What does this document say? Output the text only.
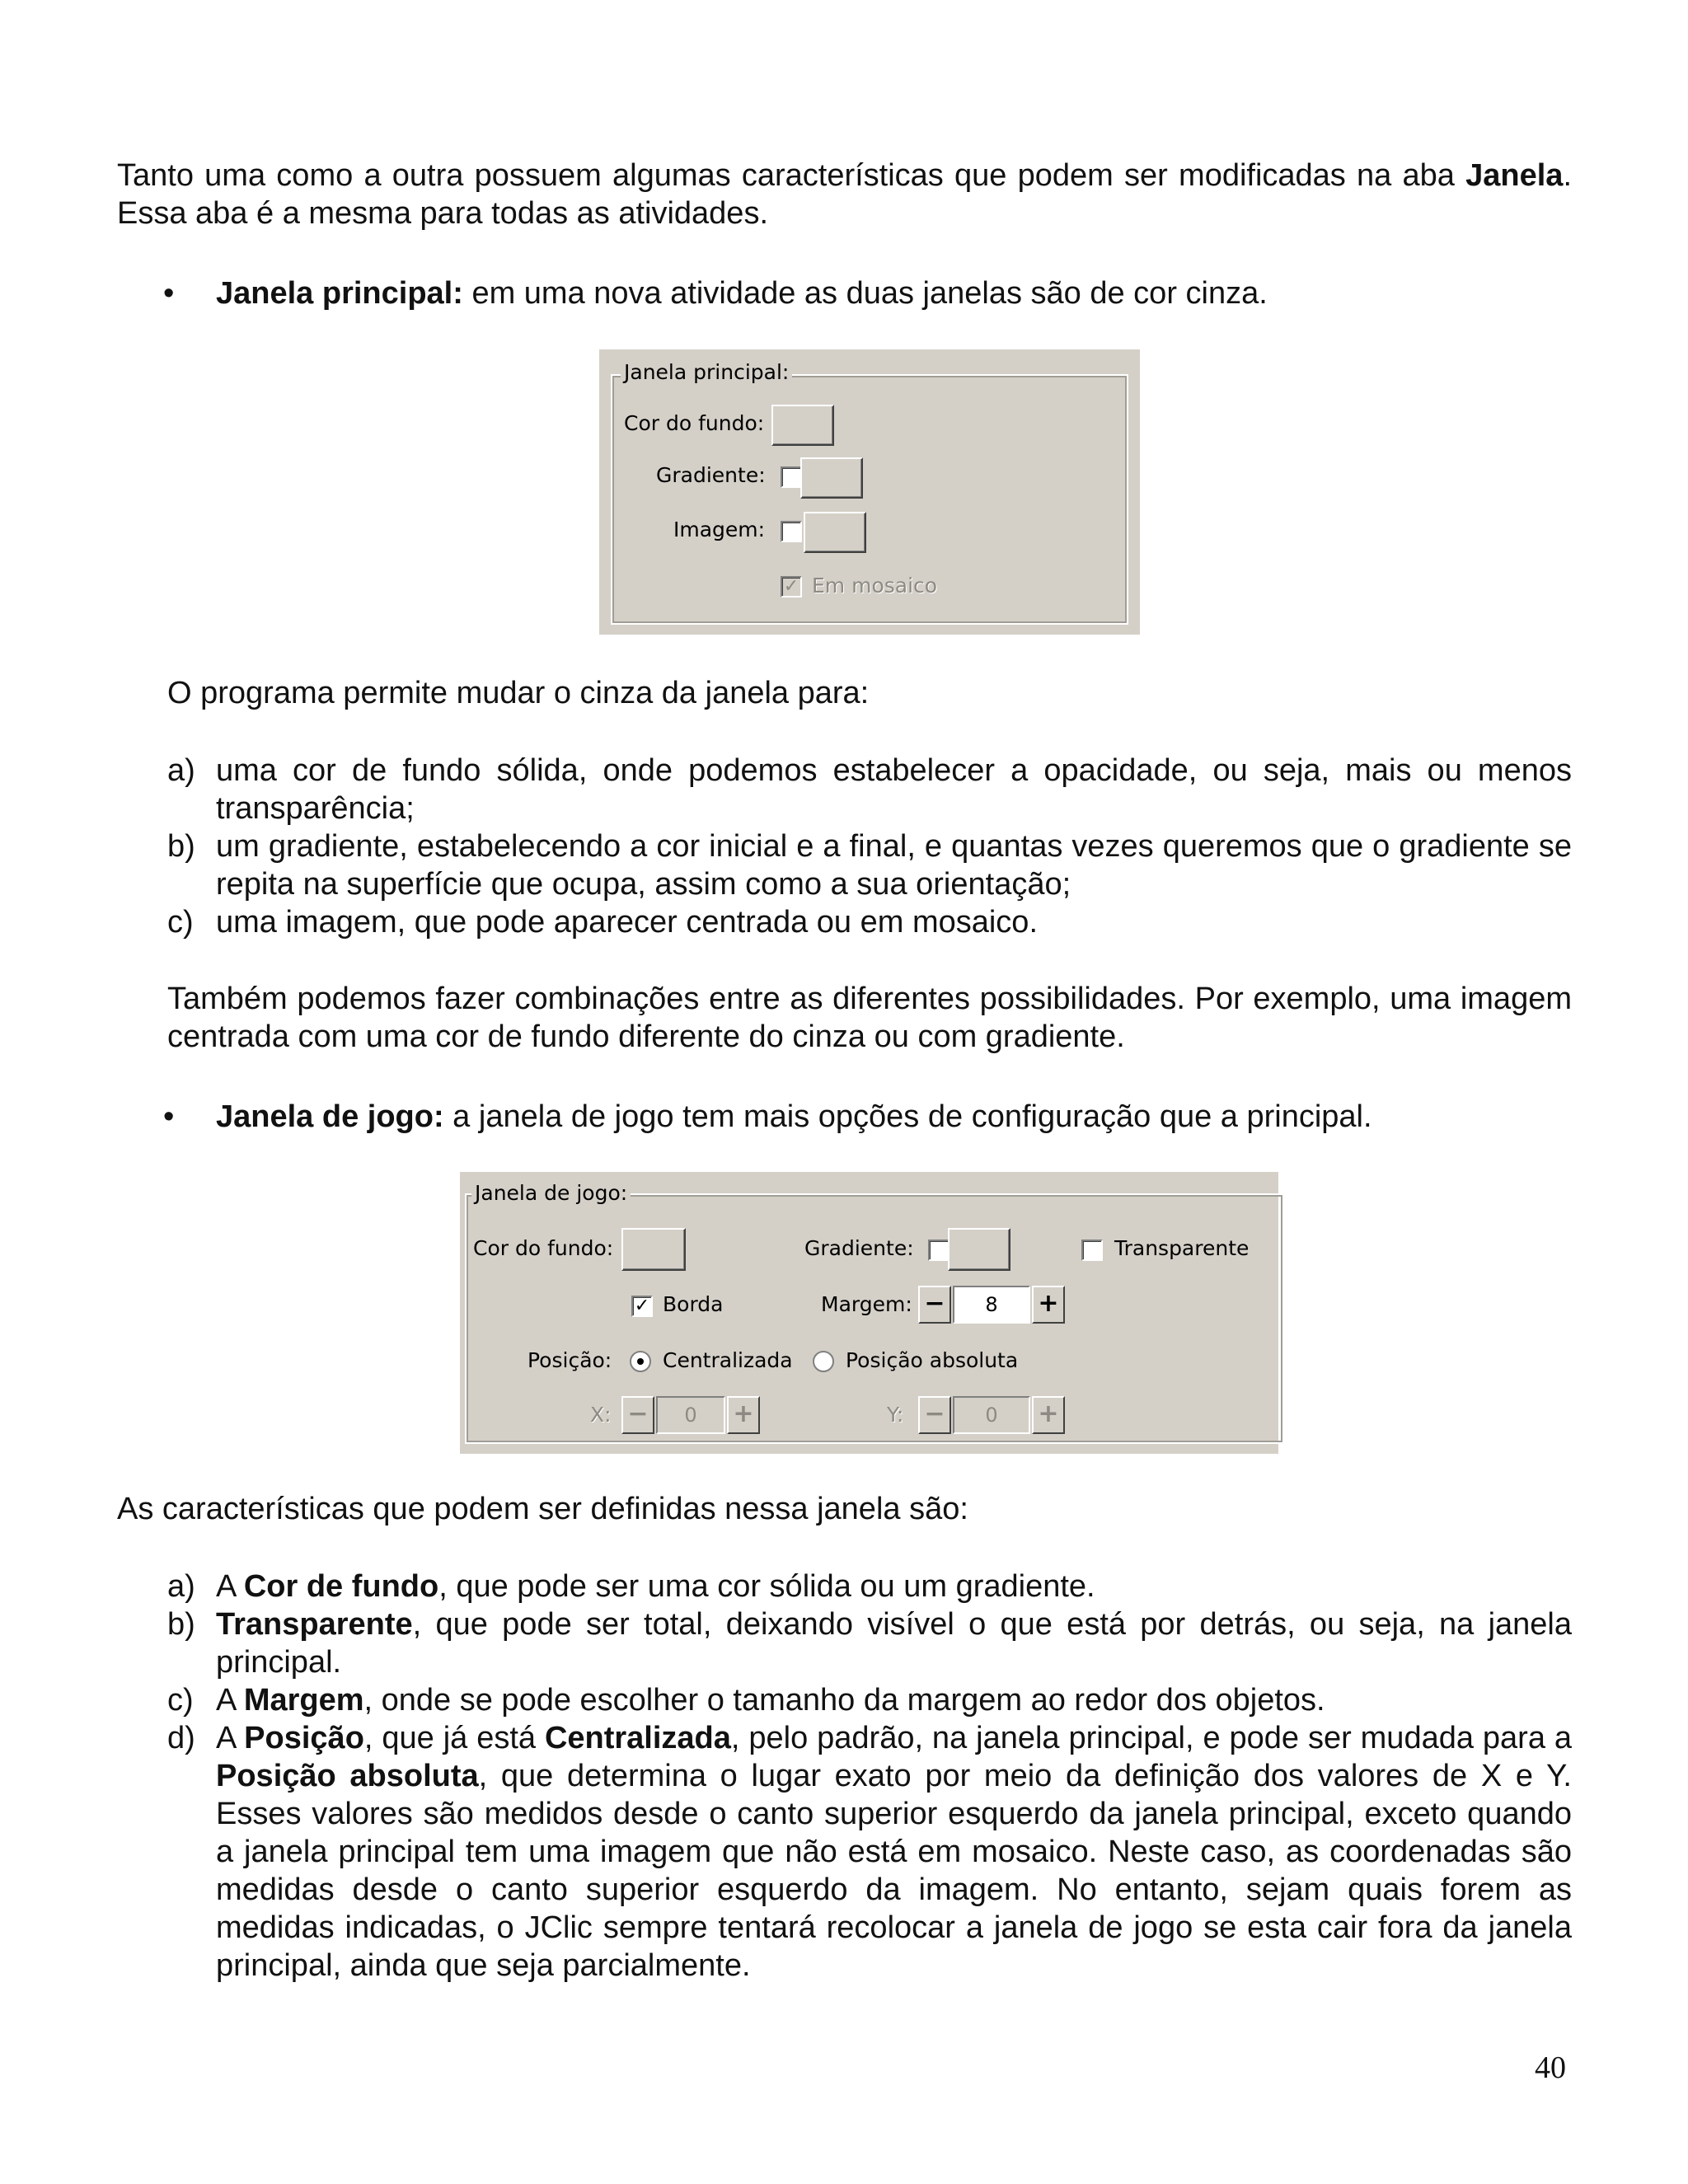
Tanto uma como a outra possuem algumas características que podem ser modificadas na aba Janela. Essa aba é a mesma para todas as atividades.
• Janela principal: em uma nova atividade as duas janelas são de cor cinza.
Janela principal:
Cor do fundo:
Gradiente:
Imagem:
✓ Em mosaico
O programa permite mudar o cinza da janela para:
a) uma cor de fundo sólida, onde podemos estabelecer a opacidade, ou seja, mais ou menos transparência;
b) um gradiente, estabelecendo a cor inicial e a final, e quantas vezes queremos que o gradiente se repita na superfície que ocupa, assim como a sua orientação;
c) uma imagem, que pode aparecer centrada ou em mosaico.
Também podemos fazer combinações entre as diferentes possibilidades. Por exemplo, uma imagem centrada com uma cor de fundo diferente do cinza ou com gradiente.
• Janela de jogo: a janela de jogo tem mais opções de configuração que a principal.
Janela de jogo:
Cor do fundo:	Gradiente:	Transparente
✓ Borda	Margem: −	8	+
Posição: Centralizada	Posição absoluta
X: −	0	+	Y: −	0	+
As características que podem ser definidas nessa janela são:
a) A Cor de fundo, que pode ser uma cor sólida ou um gradiente.
b) Transparente, que pode ser total, deixando visível o que está por detrás, ou seja, na janela principal.
c) A Margem, onde se pode escolher o tamanho da margem ao redor dos objetos.
d) A Posição, que já está Centralizada, pelo padrão, na janela principal, e pode ser mudada para a Posição absoluta, que determina o lugar exato por meio da definição dos valores de X e Y. Esses valores são medidos desde o canto superior esquerdo da janela principal, exceto quando a janela principal tem uma imagem que não está em mosaico. Neste caso, as coordenadas são medidas desde o canto superior esquerdo da imagem. No entanto, sejam quais forem as medidas indicadas, o JClic sempre tentará recolocar a janela de jogo se esta cair fora da janela principal, ainda que seja parcialmente.
40
